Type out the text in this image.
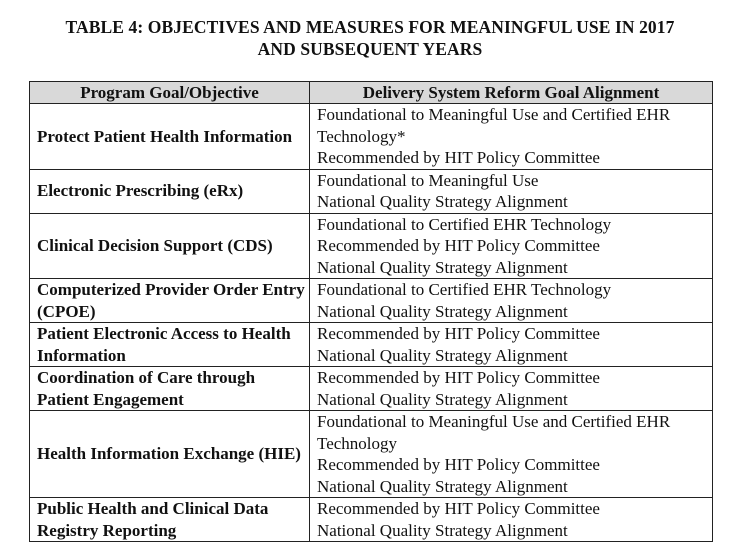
TABLE 4: OBJECTIVES AND MEASURES FOR MEANINGFUL USE IN 2017
AND SUBSEQUENT YEARS
Program Goal/Objective	Delivery System Reform Goal Alignment
Protect Patient Health Information	Foundational to Meaningful Use and Certified EHR
Technology*
Recommended by HIT Policy Committee

Electronic Prescribing (eRx)	Foundational to Meaningful Use
National Quality Strategy Alignment

Clinical Decision Support (CDS)	Foundational to Certified EHR Technology
Recommended by HIT Policy Committee
National Quality Strategy Alignment

Computerized Provider Order Entry (CPOE)	Foundational to Certified EHR Technology
National Quality Strategy Alignment

Patient Electronic Access to Health Information	Recommended by HIT Policy Committee
National Quality Strategy Alignment

Coordination of Care through Patient Engagement	Recommended by HIT Policy Committee
National Quality Strategy Alignment

Health Information Exchange (HIE)	Foundational to Meaningful Use and Certified EHR
Technology
Recommended by HIT Policy Committee
National Quality Strategy Alignment

Public Health and Clinical Data Registry Reporting	Recommended by HIT Policy Committee
National Quality Strategy Alignment
